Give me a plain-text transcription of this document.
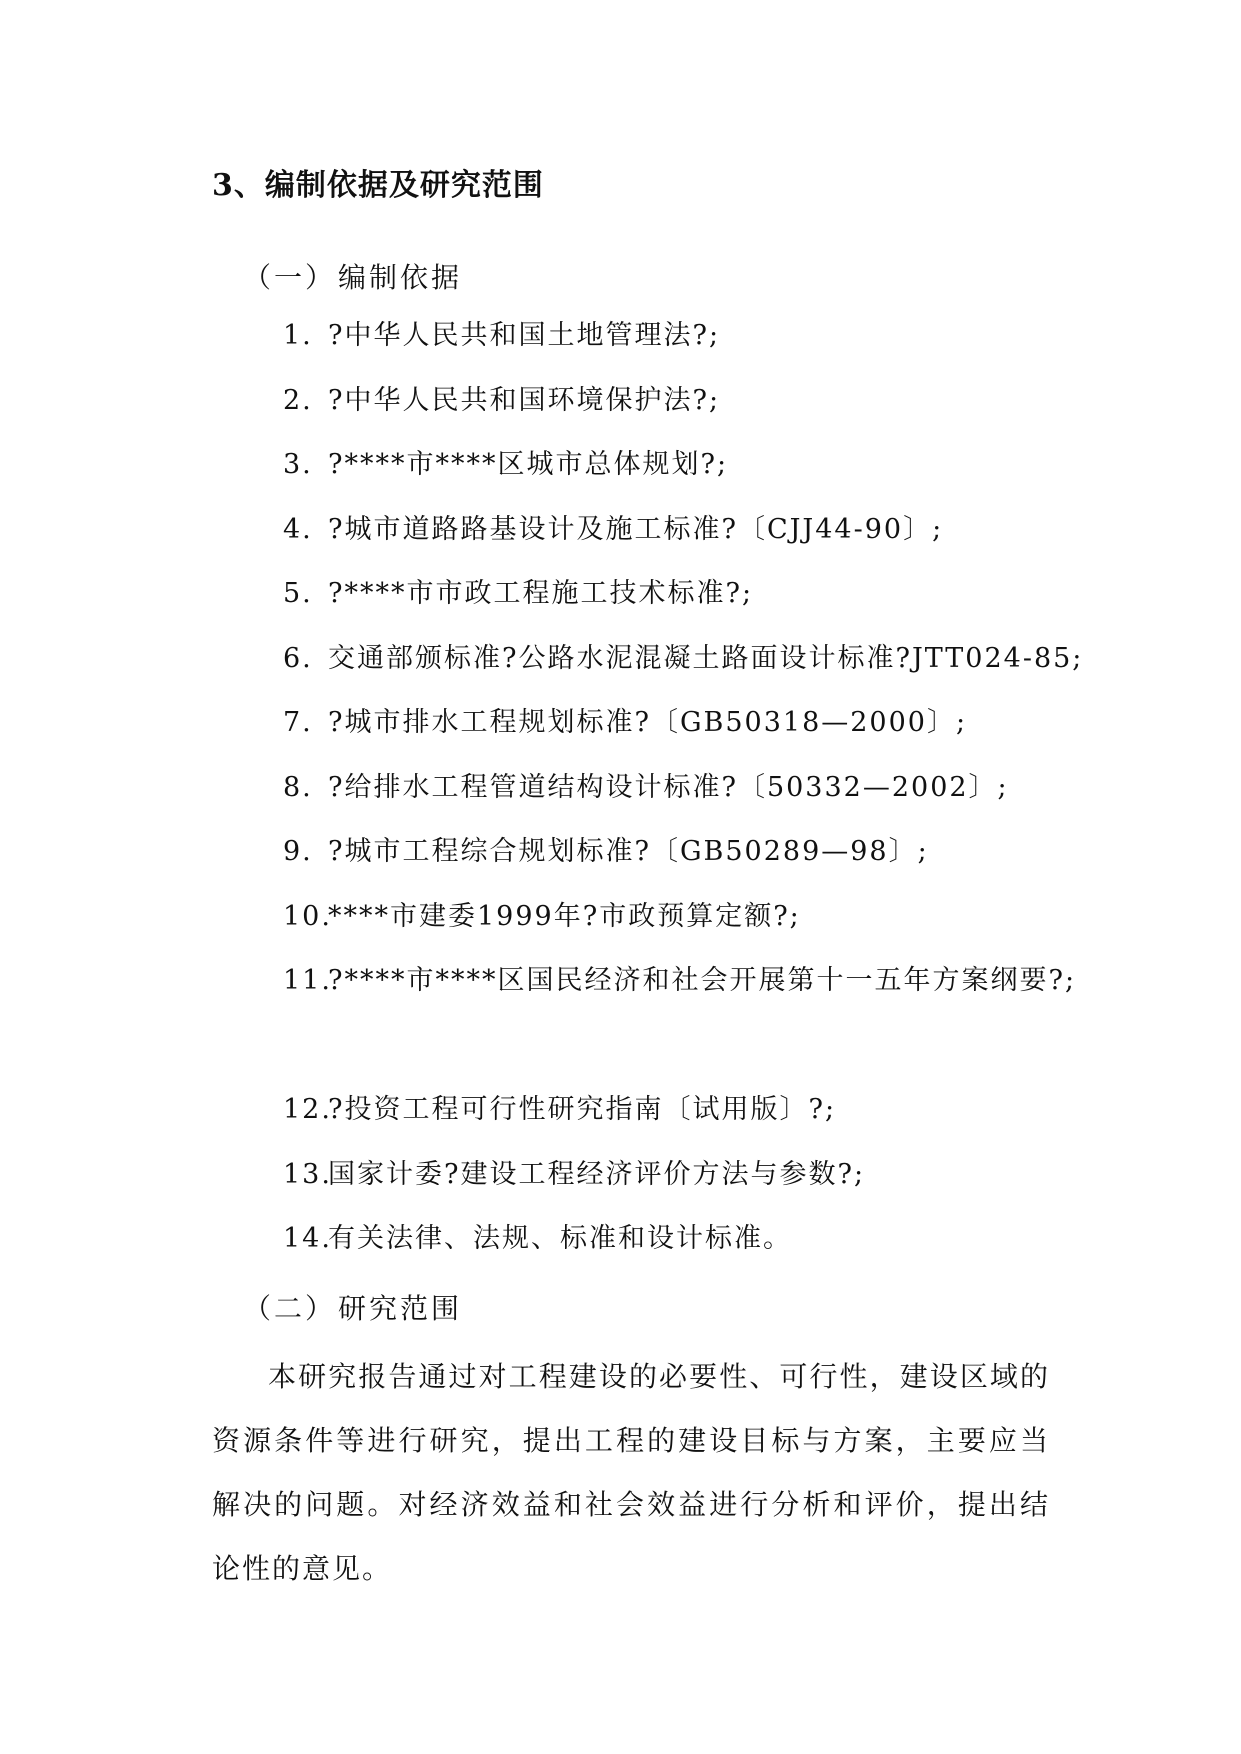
3、编制依据及研究范围
（一）编制依据
1. ?中华人民共和国土地管理法?;
2. ?中华人民共和国环境保护法?;
3. ?****市****区城市总体规划?;
4. ?城市道路路基设计及施工标准?〔CJJ44-90〕;
5. ?****市市政工程施工技术标准?;
6. 交通部颁标准?公路水泥混凝土路面设计标准?JTT024-85;
7. ?城市排水工程规划标准?〔GB50318—2000〕;
8. ?给排水工程管道结构设计标准?〔50332—2002〕;
9. ?城市工程综合规划标准?〔GB50289—98〕;
10.
****市建委1999年?市政预算定额?;
11.
?****市****区国民经济和社会开展第十一五年方案纲要?;
12.
?投资工程可行性研究指南〔试用版〕?;
13.
国家计委?建设工程经济评价方法与参数?;
14.
有关法律、法规、标准和设计标准。
（二）研究范围

本研究报告通过对工程建设的必要性、可行性，建设区域的资源条件等进行研究，提出工程的建设目标与方案，主要应当解决的问题。对经济效益和社会效益进行分析和评价，提出结论性的意见。
